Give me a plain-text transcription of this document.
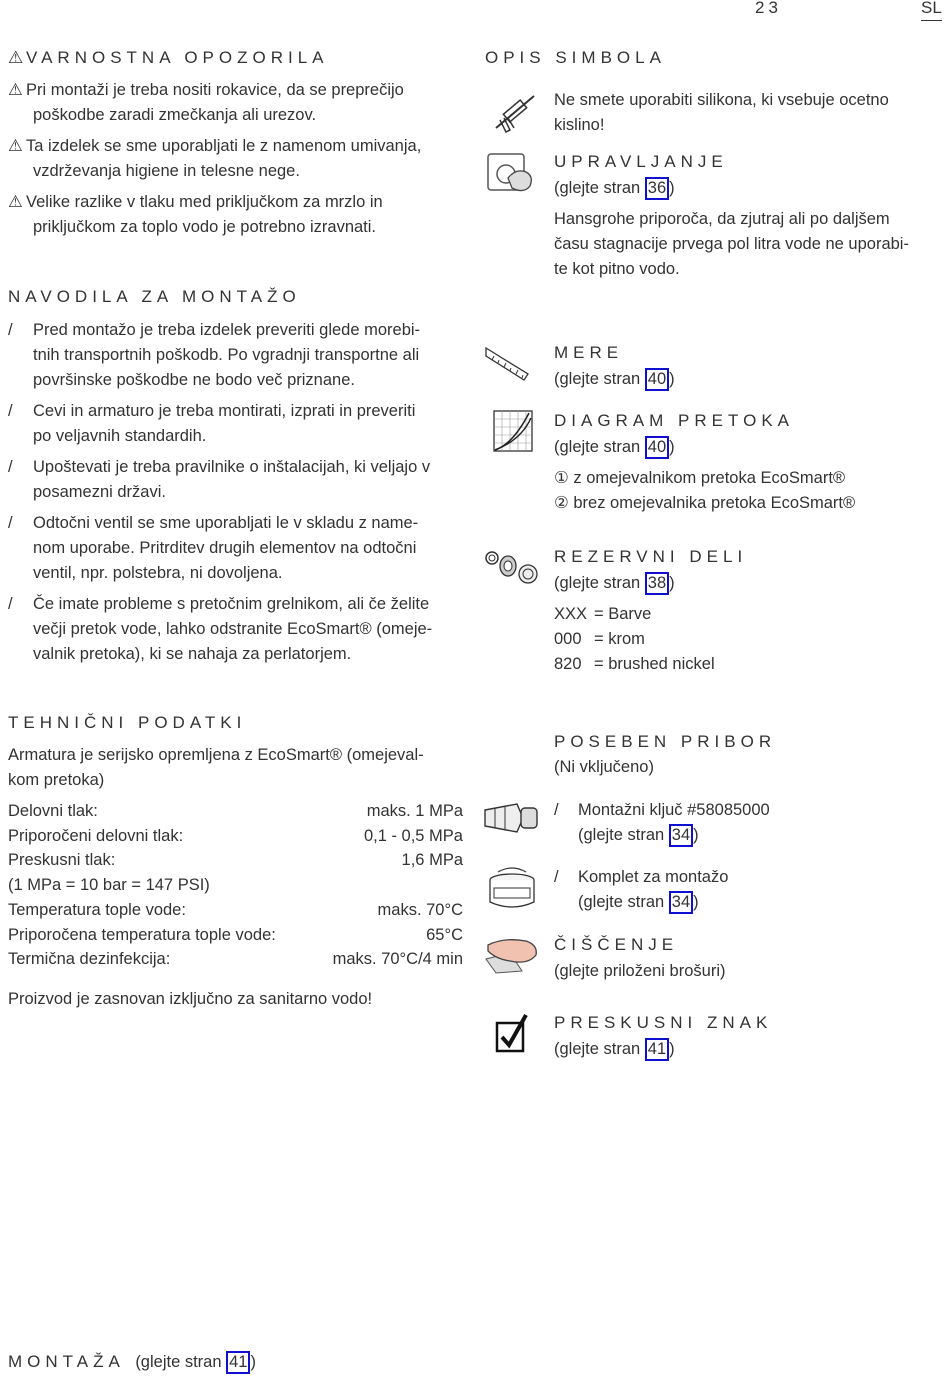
23	SL
⚠VARNOSTNA OPOZORILA
⚠ Pri montaži je treba nositi rokavice, da se preprečijo
poškodbe zaradi zmečkanja ali urezov.
⚠ Ta izdelek se sme uporabljati le z namenom umivanja,
vzdrževanja higiene in telesne nege.
⚠ Velike razlike v tlaku med priključkom za mrzlo in
priključkom za toplo vodo je potrebno izravnati.
NAVODILA ZA MONTAŽO
/ Pred montažo je treba izdelek preveriti glede morebi-
tnih transportnih poškodb. Po vgradnji transportne ali
površinske poškodbe ne bodo več priznane.
/ Cevi in armaturo je treba montirati, izprati in preveriti
po veljavnih standardih.
/ Upoštevati je treba pravilnike o inštalacijah, ki veljajo v
posamezni državi.
/ Odtočni ventil se sme uporabljati le v skladu z name-
nom uporabe. Pritrditev drugih elementov na odtočni
ventil, npr. polstebra, ni dovoljena.
/ Če imate probleme s pretočnim grelnikom, ali če želite
večji pretok vode, lahko odstranite EcoSmart® (omeje-
valnik pretoka), ki se nahaja za perlatorjem.
TEHNIČNI PODATKI
Armatura je serijsko opremljena z EcoSmart® (omejeval-
kom pretoka)
Delovni tlak:	maks. 1 MPa
Priporočeni delovni tlak:	0,1 - 0,5 MPa
Preskusni tlak:	1,6 MPa
(1 MPa = 10 bar = 147 PSI)
Temperatura tople vode:	maks. 70°C
Priporočena temperatura tople vode:	65°C
Termična dezinfekcija:	maks. 70°C/4 min
Proizvod je zasnovan izključno za sanitarno vodo!
OPIS SIMBOLA
Ne smete uporabiti silikona, ki vsebuje ocetno
kislino!
UPRAVLJANJE
(glejte stran 36 )
Hansgrohe priporoča, da zjutraj ali po daljšem
času stagnacije prvega pol litra vode ne uporabi-
te kot pitno vodo.
MERE
(glejte stran 40 )
DIAGRAM PRETOKA
(glejte stran 40 )
① z omejevalnikom pretoka EcoSmart®
② brez omejevalnika pretoka EcoSmart®
REZERVNI DELI
(glejte stran 38 )
XXX = Barve
000 = krom
820 = brushed nickel
POSEBEN PRIBOR
(Ni vključeno)
/	Montažni ključ #58085000
(glejte stran 34 )
/	Komplet za montažo
(glejte stran 34 )
ČIŠČENJE
(glejte priloženi brošuri)
PRESKUSNI ZNAK
(glejte stran 41 )
MONTAŽA (glejte stran 41 )
